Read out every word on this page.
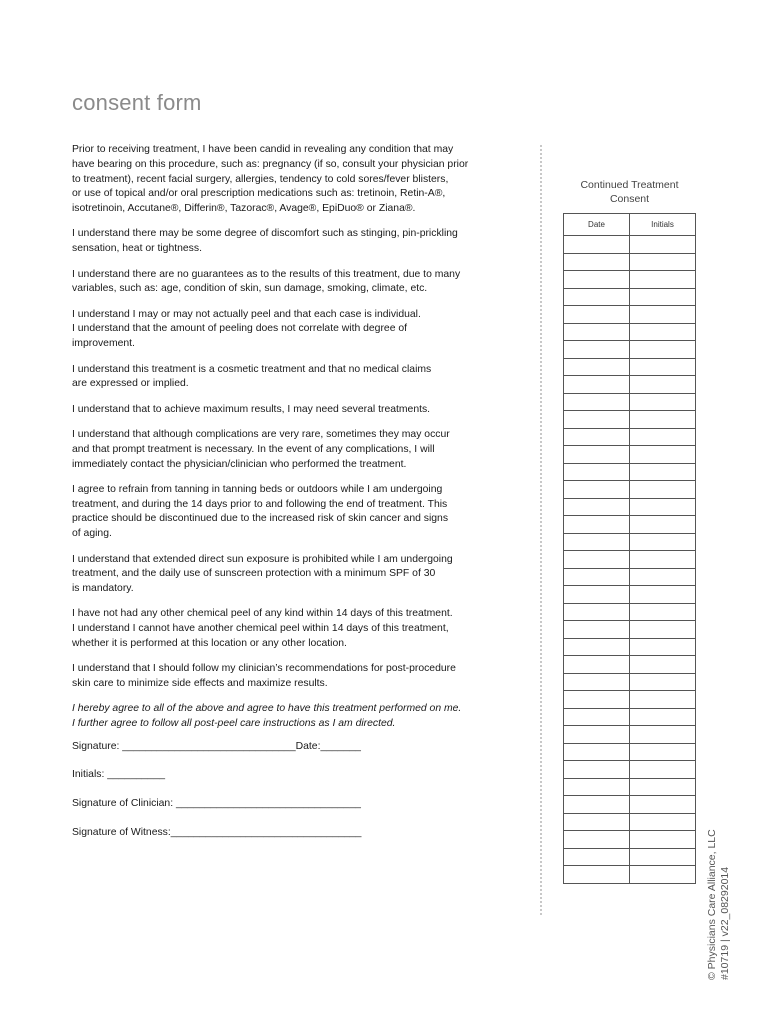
consent form

Prior to receiving treatment, I have been candid in revealing any condition that may
have bearing on this procedure, such as: pregnancy (if so, consult your physician prior
to treatment), recent facial surgery, allergies, tendency to cold sores/fever blisters,
or use of topical and/or oral prescription medications such as: tretinoin, Retin-A®,
isotretinoin, Accutane®, Differin®, Tazorac®, Avage®, EpiDuo® or Ziana®.

I understand there may be some degree of discomfort such as stinging, pin-prickling
sensation, heat or tightness.

I understand there are no guarantees as to the results of this treatment, due to many
variables, such as: age, condition of skin, sun damage, smoking, climate, etc.

I understand I may or may not actually peel and that each case is individual.
I understand that the amount of peeling does not correlate with degree of
improvement.

I understand this treatment is a cosmetic treatment and that no medical claims
are expressed or implied.

I understand that to achieve maximum results, I may need several treatments.

I understand that although complications are very rare, sometimes they may occur
and that prompt treatment is necessary. In the event of any complications, I will
immediately contact the physician/clinician who performed the treatment.

I agree to refrain from tanning in tanning beds or outdoors while I am undergoing
treatment, and during the 14 days prior to and following the end of treatment. This
practice should be discontinued due to the increased risk of skin cancer and signs
of aging.

I understand that extended direct sun exposure is prohibited while I am undergoing
treatment, and the daily use of sunscreen protection with a minimum SPF of 30
is mandatory.

I have not had any other chemical peel of any kind within 14 days of this treatment.
I understand I cannot have another chemical peel within 14 days of this treatment,
whether it is performed at this location or any other location.

I understand that I should follow my clinician’s recommendations for post-procedure
skin care to minimize side effects and maximize results.

I hereby agree to all of the above and agree to have this treatment performed on me.
I further agree to follow all post-peel care instructions as I am directed.

Signature: ______________________________Date:_______
Initials: __________
Signature of Clinician: ________________________________
Signature of Witness:_________________________________
Continued Treatment
Consent
Date	Initials

© Physicians Care Alliance, LLC #10719 | v22_08292014
